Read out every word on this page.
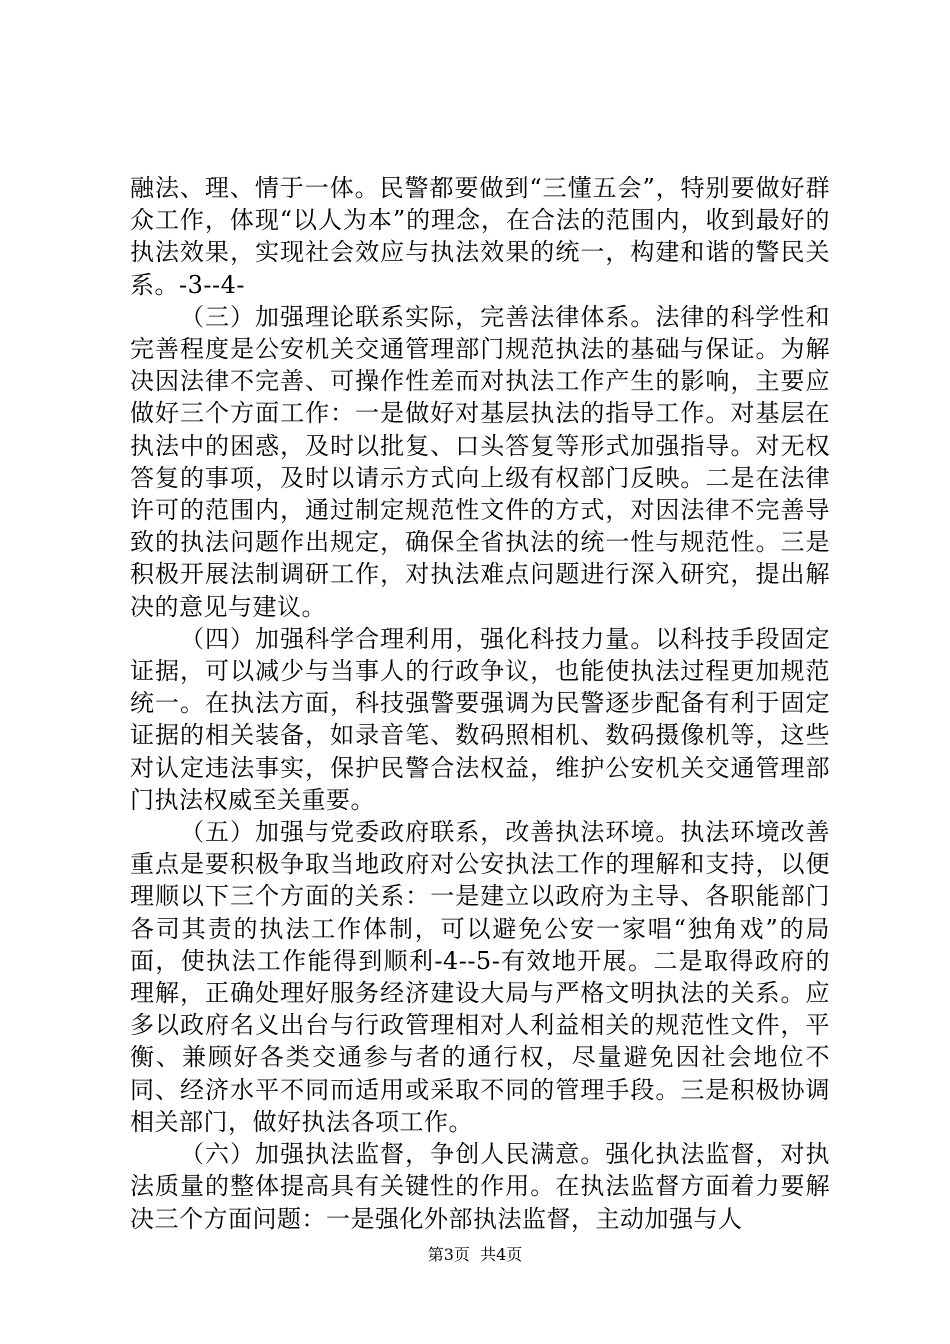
融法、理、情于一体。民警都要做到“三懂五会”，特别要做好群众工作，体现“以人为本”的理念，在合法的范围内，收到最好的执法效果，实现社会效应与执法效果的统一，构建和谐的警民关系。-3--4-

（三）加强理论联系实际，完善法律体系。法律的科学性和完善程度是公安机关交通管理部门规范执法的基础与保证。为解决因法律不完善、可操作性差而对执法工作产生的影响，主要应做好三个方面工作：一是做好对基层执法的指导工作。对基层在执法中的困惑，及时以批复、口头答复等形式加强指导。对无权答复的事项，及时以请示方式向上级有权部门反映。二是在法律许可的范围内，通过制定规范性文件的方式，对因法律不完善导致的执法问题作出规定，确保全省执法的统一性与规范性。三是积极开展法制调研工作，对执法难点问题进行深入研究，提出解决的意见与建议。

（四）加强科学合理利用，强化科技力量。以科技手段固定证据，可以减少与当事人的行政争议，也能使执法过程更加规范统一。在执法方面，科技强警要强调为民警逐步配备有利于固定证据的相关装备，如录音笔、数码照相机、数码摄像机等，这些对认定违法事实，保护民警合法权益，维护公安机关交通管理部门执法权威至关重要。

（五）加强与党委政府联系，改善执法环境。执法环境改善重点是要积极争取当地政府对公安执法工作的理解和支持，以便理顺以下三个方面的关系：一是建立以政府为主导、各职能部门各司其责的执法工作体制，可以避免公安一家唱“独角戏”的局面，使执法工作能得到顺利-4--5-有效地开展。二是取得政府的理解，正确处理好服务经济建设大局与严格文明执法的关系。应多以政府名义出台与行政管理相对人利益相关的规范性文件，平衡、兼顾好各类交通参与者的通行权，尽量避免因社会地位不同、经济水平不同而适用或采取不同的管理手段。三是积极协调相关部门，做好执法各项工作。

（六）加强执法监督，争创人民满意。强化执法监督，对执法质量的整体提高具有关键性的作用。在执法监督方面着力要解决三个方面问题：一是强化外部执法监督，主动加强与人

第3页  共4页
